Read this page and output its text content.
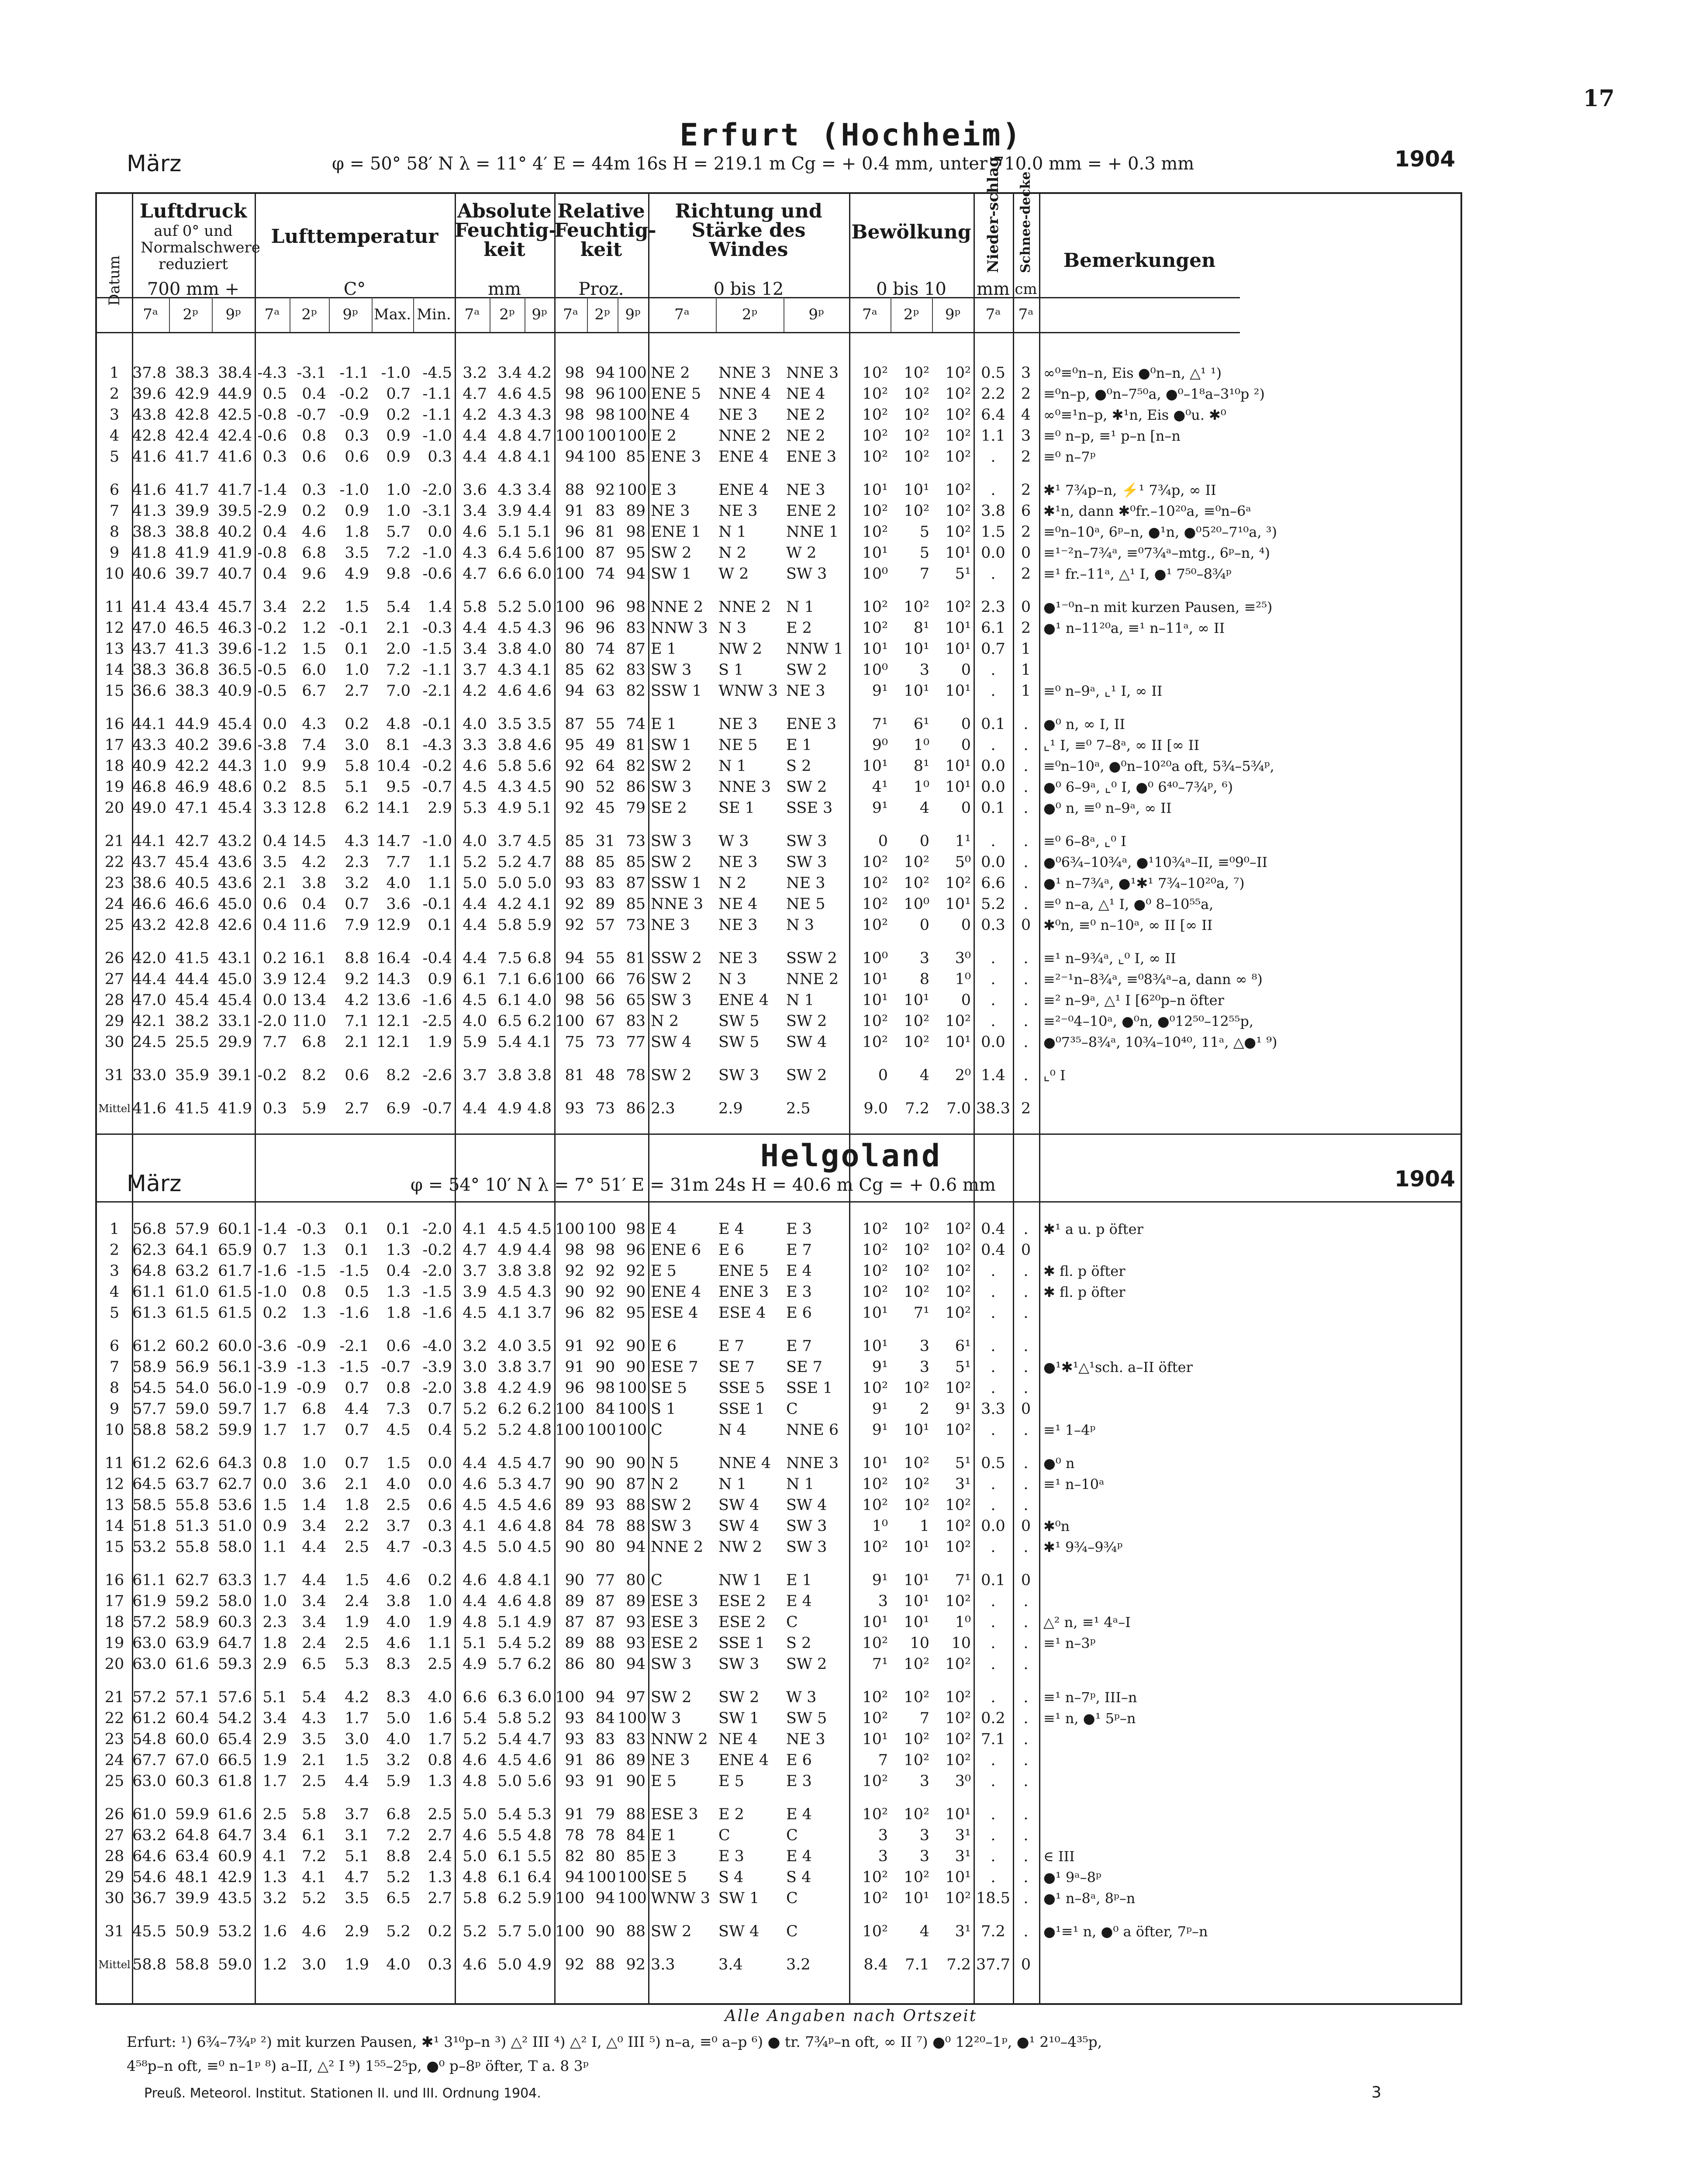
17
Erfurt (Hochheim)
März	φ = 50° 58′ N λ = 11° 4′ E = 44m 16s H = 219.1 m Cg = + 0.4 mm, unter 710.0 mm = + 0.3 mm	1904
1	37.8	38.3	38.4	-4.3	-3.1	-1.1	-1.0	-4.5	3.2	3.4	4.2	98	94	100	NE 2	NNE 3	NNE 3	10²	10²	10²	0.5	3	∞⁰≡⁰n–n, Eis ●⁰n–n, △¹ ¹)
2	39.6	42.9	44.9	0.5	0.4	-0.2	0.7	-1.1	4.7	4.6	4.5	98	96	100	ENE 5	NNE 4	NE 4	10²	10²	10²	2.2	2	≡⁰n–p, ●⁰n–7⁵⁰a, ●⁰–1⁸a–3¹⁰p ²)
3	43.8	42.8	42.5	-0.8	-0.7	-0.9	0.2	-1.1	4.2	4.3	4.3	98	98	100	NE 4	NE 3	NE 2	10²	10²	10²	6.4	4	∞⁰≡¹n–p, ✱¹n, Eis ●⁰u. ✱⁰
4	42.8	42.4	42.4	-0.6	0.8	0.3	0.9	-1.0	4.4	4.8	4.7	100	100	100	E 2	NNE 2	NE 2	10²	10²	10²	1.1	3	≡⁰ n–p, ≡¹ p–n [n–n
5	41.6	41.7	41.6	0.3	0.6	0.6	0.9	0.3	4.4	4.8	4.1	94	100	85	ENE 3	ENE 4	ENE 3	10²	10²	10²	.	2	≡⁰ n–7ᵖ

6	41.6	41.7	41.7	-1.4	0.3	-1.0	1.0	-2.0	3.6	4.3	3.4	88	92	100	E 3	ENE 4	NE 3	10¹	10¹	10²	.	2	✱¹ 7¾p–n, ⚡¹ 7¾p, ∞ II
7	41.3	39.9	39.5	-2.9	0.2	0.9	1.0	-3.1	3.4	3.9	4.4	91	83	89	NE 3	NE 3	ENE 2	10²	10²	10²	3.8	6	✱¹n, dann ✱⁰fr.–10²⁰a, ≡⁰n–6ᵃ
8	38.3	38.8	40.2	0.4	4.6	1.8	5.7	0.0	4.6	5.1	5.1	96	81	98	ENE 1	N 1	NNE 1	10²	5	10²	1.5	2	≡⁰n–10ᵃ, 6ᵖ–n, ●¹n, ●⁰5²⁰–7¹⁰a, ³)
9	41.8	41.9	41.9	-0.8	6.8	3.5	7.2	-1.0	4.3	6.4	5.6	100	87	95	SW 2	N 2	W 2	10¹	5	10¹	0.0	0	≡¹⁻²n–7¾ᵃ, ≡⁰7¾ᵃ–mtg., 6ᵖ–n, ⁴)
10	40.6	39.7	40.7	0.4	9.6	4.9	9.8	-0.6	4.7	6.6	6.0	100	74	94	SW 1	W 2	SW 3	10⁰	7	5¹	.	2	≡¹ fr.–11ᵃ, △¹ I, ●¹ 7⁵⁰–8¾ᵖ

11	41.4	43.4	45.7	3.4	2.2	1.5	5.4	1.4	5.8	5.2	5.0	100	96	98	NNE 2	NNE 2	N 1	10²	10²	10²	2.3	0	●¹⁻⁰n–n mit kurzen Pausen, ≡²⁵)
12	47.0	46.5	46.3	-0.2	1.2	-0.1	2.1	-0.3	4.4	4.5	4.3	96	96	83	NNW 3	N 3	E 2	10²	8¹	10¹	6.1	2	●¹ n–11²⁰a, ≡¹ n–11ᵃ, ∞ II
13	43.7	41.3	39.6	-1.2	1.5	0.1	2.0	-1.5	3.4	3.8	4.0	80	74	87	E 1	NW 2	NNW 1	10¹	10¹	10¹	0.7	1	
14	38.3	36.8	36.5	-0.5	6.0	1.0	7.2	-1.1	3.7	4.3	4.1	85	62	83	SW 3	S 1	SW 2	10⁰	3	0	.	1	
15	36.6	38.3	40.9	-0.5	6.7	2.7	7.0	-2.1	4.2	4.6	4.6	94	63	82	SSW 1	WNW 3	NE 3	9¹	10¹	10¹	.	1	≡⁰ n–9ᵃ, ⌞¹ I, ∞ II

16	44.1	44.9	45.4	0.0	4.3	0.2	4.8	-0.1	4.0	3.5	3.5	87	55	74	E 1	NE 3	ENE 3	7¹	6¹	0	0.1	.	●⁰ n, ∞ I, II
17	43.3	40.2	39.6	-3.8	7.4	3.0	8.1	-4.3	3.3	3.8	4.6	95	49	81	SW 1	NE 5	E 1	9⁰	1⁰	0	.	.	⌞¹ I, ≡⁰ 7–8ᵃ, ∞ II [∞ II
18	40.9	42.2	44.3	1.0	9.9	5.8	10.4	-0.2	4.6	5.8	5.6	92	64	82	SW 2	N 1	S 2	10¹	8¹	10¹	0.0	.	≡⁰n–10ᵃ, ●⁰n–10²⁰a oft, 5¾–5¾ᵖ,
19	46.8	46.9	48.6	0.2	8.5	5.1	9.5	-0.7	4.5	4.3	4.5	90	52	86	SW 3	NNE 3	SW 2	4¹	1⁰	10¹	0.0	.	●⁰ 6–9ᵃ, ⌞⁰ I, ●⁰ 6⁴⁰–7¾ᵖ, ⁶)
20	49.0	47.1	45.4	3.3	12.8	6.2	14.1	2.9	5.3	4.9	5.1	92	45	79	SE 2	SE 1	SSE 3	9¹	4	0	0.1	.	●⁰ n, ≡⁰ n–9ᵃ, ∞ II

21	44.1	42.7	43.2	0.4	14.5	4.3	14.7	-1.0	4.0	3.7	4.5	85	31	73	SW 3	W 3	SW 3	0	0	1¹	.	.	≡⁰ 6–8ᵃ, ⌞⁰ I
22	43.7	45.4	43.6	3.5	4.2	2.3	7.7	1.1	5.2	5.2	4.7	88	85	85	SW 2	NE 3	SW 3	10²	10²	5⁰	0.0	.	●⁰6¾–10¾ᵃ, ●¹10¾ᵃ–II, ≡⁰9⁰–II
23	38.6	40.5	43.6	2.1	3.8	3.2	4.0	1.1	5.0	5.0	5.0	93	83	87	SSW 1	N 2	NE 3	10²	10²	10²	6.6	.	●¹ n–7¾ᵃ, ●¹✱¹ 7¾–10²⁰a, ⁷)
24	46.6	46.6	45.0	0.6	0.4	0.7	3.6	-0.1	4.4	4.2	4.1	92	89	85	NNE 3	NE 4	NE 5	10²	10⁰	10¹	5.2	.	≡⁰ n–a, △¹ I, ●⁰ 8–10⁵⁵a,
25	43.2	42.8	42.6	0.4	11.6	7.9	12.9	0.1	4.4	5.8	5.9	92	57	73	NE 3	NE 3	N 3	10²	0	0	0.3	0	✱⁰n, ≡⁰ n–10ᵃ, ∞ II [∞ II

26	42.0	41.5	43.1	0.2	16.1	8.8	16.4	-0.4	4.4	7.5	6.8	94	55	81	SSW 2	NE 3	SSW 2	10⁰	3	3⁰	.	.	≡¹ n–9¾ᵃ, ⌞⁰ I, ∞ II
27	44.4	44.4	45.0	3.9	12.4	9.2	14.3	0.9	6.1	7.1	6.6	100	66	76	SW 2	N 3	NNE 2	10¹	8	1⁰	.	.	≡²⁻¹n–8¾ᵃ, ≡⁰8¾ᵃ–a, dann ∞ ⁸)
28	47.0	45.4	45.4	0.0	13.4	4.2	13.6	-1.6	4.5	6.1	4.0	98	56	65	SW 3	ENE 4	N 1	10¹	10¹	0	.	.	≡² n–9ᵃ, △¹ I [6²⁰p–n öfter
29	42.1	38.2	33.1	-2.0	11.0	7.1	12.1	-2.5	4.0	6.5	6.2	100	67	83	N 2	SW 5	SW 2	10²	10²	10²	.	.	≡²⁻⁰4–10ᵃ, ●⁰n, ●⁰12⁵⁰–12⁵⁵p,
30	24.5	25.5	29.9	7.7	6.8	2.1	12.1	1.9	5.9	5.4	4.1	75	73	77	SW 4	SW 5	SW 4	10²	10²	10¹	0.0	.	●⁰7³⁵–8¾ᵃ, 10¾–10⁴⁰, 11ᵃ, △●¹ ⁹)

31	33.0	35.9	39.1	-0.2	8.2	0.6	8.2	-2.6	3.7	3.8	3.8	81	48	78	SW 2	SW 3	SW 2	0	4	2⁰	1.4	.	⌞⁰ I

Mittel	41.6	41.5	41.9	0.3	5.9	2.7	6.9	-0.7	4.4	4.9	4.8	93	73	86	2.3	2.9	2.5	9.0	7.2	7.0	38.3	2	
Helgoland
März	φ = 54° 10′ N λ = 7° 51′ E = 31m 24s H = 40.6 m Cg = + 0.6 mm	1904
1	56.8	57.9	60.1	-1.4	-0.3	0.1	0.1	-2.0	4.1	4.5	4.5	100	100	98	E 4	E 4	E 3	10²	10²	10²	0.4	.	✱¹ a u. p öfter
2	62.3	64.1	65.9	0.7	1.3	0.1	1.3	-0.2	4.7	4.9	4.4	98	98	96	ENE 6	E 6	E 7	10²	10²	10²	0.4	0	
3	64.8	63.2	61.7	-1.6	-1.5	-1.5	0.4	-2.0	3.7	3.8	3.8	92	92	92	E 5	ENE 5	E 4	10²	10²	10²	.	.	✱ fl. p öfter
4	61.1	61.0	61.5	-1.0	0.8	0.5	1.3	-1.5	3.9	4.5	4.3	90	92	90	ENE 4	ENE 3	E 3	10²	10²	10²	.	.	✱ fl. p öfter
5	61.3	61.5	61.5	0.2	1.3	-1.6	1.8	-1.6	4.5	4.1	3.7	96	82	95	ESE 4	ESE 4	E 6	10¹	7¹	10²	.	.	

6	61.2	60.2	60.0	-3.6	-0.9	-2.1	0.6	-4.0	3.2	4.0	3.5	91	92	90	E 6	E 7	E 7	10¹	3	6¹	.	.	
7	58.9	56.9	56.1	-3.9	-1.3	-1.5	-0.7	-3.9	3.0	3.8	3.7	91	90	90	ESE 7	SE 7	SE 7	9¹	3	5¹	.	.	●¹✱¹△¹sch. a–II öfter
8	54.5	54.0	56.0	-1.9	-0.9	0.7	0.8	-2.0	3.8	4.2	4.9	96	98	100	SE 5	SSE 5	SSE 1	10²	10²	10²	.	.	
9	57.7	59.0	59.7	1.7	6.8	4.4	7.3	0.7	5.2	6.2	6.2	100	84	100	S 1	SSE 1	C	9¹	2	9¹	3.3	0	
10	58.8	58.2	59.9	1.7	1.7	0.7	4.5	0.4	5.2	5.2	4.8	100	100	100	C	N 4	NNE 6	9¹	10¹	10²	.	.	≡¹ 1–4ᵖ

11	61.2	62.6	64.3	0.8	1.0	0.7	1.5	0.0	4.4	4.5	4.7	90	90	90	N 5	NNE 4	NNE 3	10¹	10²	5¹	0.5	.	●⁰ n
12	64.5	63.7	62.7	0.0	3.6	2.1	4.0	0.0	4.6	5.3	4.7	90	90	87	N 2	N 1	N 1	10²	10²	3¹	.	.	≡¹ n–10ᵃ
13	58.5	55.8	53.6	1.5	1.4	1.8	2.5	0.6	4.5	4.5	4.6	89	93	88	SW 2	SW 4	SW 4	10²	10²	10²	.	.	
14	51.8	51.3	51.0	0.9	3.4	2.2	3.7	0.3	4.1	4.6	4.8	84	78	88	SW 3	SW 4	SW 3	1⁰	1	10²	0.0	0	✱⁰n
15	53.2	55.8	58.0	1.1	4.4	2.5	4.7	-0.3	4.5	5.0	4.5	90	80	94	NNE 2	NW 2	SW 3	10²	10¹	10²	.	.	✱¹ 9¾–9¾ᵖ

16	61.1	62.7	63.3	1.7	4.4	1.5	4.6	0.2	4.6	4.8	4.1	90	77	80	C	NW 1	E 1	9¹	10¹	7¹	0.1	0	
17	61.9	59.2	58.0	1.0	3.4	2.4	3.8	1.0	4.4	4.6	4.8	89	87	89	ESE 3	ESE 2	E 4	3	10¹	10²	.	.	
18	57.2	58.9	60.3	2.3	3.4	1.9	4.0	1.9	4.8	5.1	4.9	87	87	93	ESE 3	ESE 2	C	10¹	10¹	1⁰	.	.	△² n, ≡¹ 4ᵃ–I
19	63.0	63.9	64.7	1.8	2.4	2.5	4.6	1.1	5.1	5.4	5.2	89	88	93	ESE 2	SSE 1	S 2	10²	10	10	.	.	≡¹ n–3ᵖ
20	63.0	61.6	59.3	2.9	6.5	5.3	8.3	2.5	4.9	5.7	6.2	86	80	94	SW 3	SW 3	SW 2	7¹	10²	10²	.	.	

21	57.2	57.1	57.6	5.1	5.4	4.2	8.3	4.0	6.6	6.3	6.0	100	94	97	SW 2	SW 2	W 3	10²	10²	10²	.	.	≡¹ n–7ᵖ, III–n
22	61.2	60.4	54.2	3.4	4.3	1.7	5.0	1.6	5.4	5.8	5.2	93	84	100	W 3	SW 1	SW 5	10²	7	10²	0.2	.	≡¹ n, ●¹ 5ᵖ–n
23	54.8	60.0	65.4	2.9	3.5	3.0	4.0	1.7	5.2	5.4	4.7	93	83	83	NNW 2	NE 4	NE 3	10¹	10²	10²	7.1	.	
24	67.7	67.0	66.5	1.9	2.1	1.5	3.2	0.8	4.6	4.5	4.6	91	86	89	NE 3	ENE 4	E 6	7	10²	10²	.	.	
25	63.0	60.3	61.8	1.7	2.5	4.4	5.9	1.3	4.8	5.0	5.6	93	91	90	E 5	E 5	E 3	10²	3	3⁰	.	.	

26	61.0	59.9	61.6	2.5	5.8	3.7	6.8	2.5	5.0	5.4	5.3	91	79	88	ESE 3	E 2	E 4	10²	10²	10¹	.	.	
27	63.2	64.8	64.7	3.4	6.1	3.1	7.2	2.7	4.6	5.5	4.8	78	78	84	E 1	C	C	3	3	3¹	.	.	
28	64.6	63.4	60.9	4.1	7.2	5.1	8.8	2.4	5.0	6.1	5.5	82	80	85	E 3	E 3	E 4	3	3	3¹	.	.	∈ III
29	54.6	48.1	42.9	1.3	4.1	4.7	5.2	1.3	4.8	6.1	6.4	94	100	100	SE 5	S 4	S 4	10²	10²	10¹	.	.	●¹ 9ᵃ–8ᵖ
30	36.7	39.9	43.5	3.2	5.2	3.5	6.5	2.7	5.8	6.2	5.9	100	94	100	WNW 3	SW 1	C	10²	10¹	10²	18.5	.	●¹ n–8ᵃ, 8ᵖ–n

31	45.5	50.9	53.2	1.6	4.6	2.9	5.2	0.2	5.2	5.7	5.0	100	90	88	SW 2	SW 4	C	10²	4	3¹	7.2	.	●¹≡¹ n, ●⁰ a öfter, 7ᵖ–n

Mittel	58.8	58.8	59.0	1.2	3.0	1.9	4.0	0.3	4.6	5.0	4.9	92	88	92	3.3	3.4	3.2	8.4	7.1	7.2	37.7	0	
Alle Angaben nach Ortszeit
Erfurt: ¹) 6¾–7¾ᵖ ²) mit kurzen Pausen, ✱¹ 3¹⁰p–n ³) △² III ⁴) △² I, △⁰ III ⁵) n–a, ≡⁰ a–p ⁶) ● tr. 7¾ᵖ–n oft, ∞ II ⁷) ●⁰ 12²⁰–1ᵖ, ●¹ 2¹⁰–4³⁵p,
4⁵⁸p–n oft, ≡⁰ n–1ᵖ ⁸) a–II, △² I ⁹) 1⁵⁵–2⁵p, ●⁰ p–8ᵖ öfter, T a. 8 3ᵖ
Preuß. Meteorol. Institut. Stationen II. und III. Ordnung 1904.	3
Datum
Luftdruck
auf 0° und Normalschwere reduziert
700 mm +
Lufttemperatur
C°
Absolute Feuchtig-keit
mm
Relative Feuchtig-keit
Proz.
Richtung und Stärke des Windes
0 bis 12
Bewölkung
0 bis 10	mm cm
Bemerkungen
Nieder-schlag Schnee-decke
7ᵃ	2ᵖ	9ᵖ	7ᵃ	2ᵖ	9ᵖ	Max. Min. 7ᵃ	2ᵖ	9ᵖ	7ᵃ	2ᵖ	9ᵖ	7ᵃ	2ᵖ	9ᵖ	7ᵃ	2ᵖ	9ᵖ	7ᵃ	7ᵃ
